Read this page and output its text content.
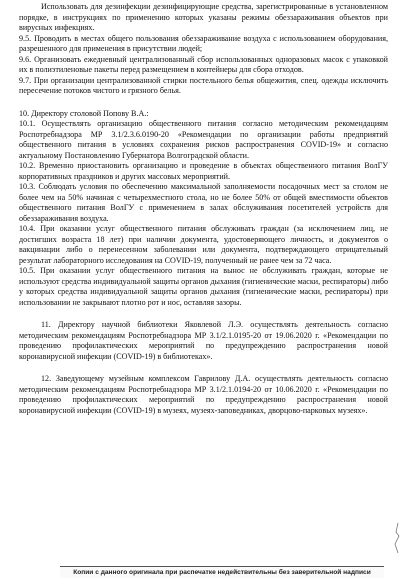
Использовать для дезинфекции дезинфицирующие средства, зарегистрированные в установленном порядке, в инструкциях по применению которых указаны режимы обеззараживания объектов при вирусных инфекциях.

9.5. Проводить в местах общего пользования обеззараживание воздуха с использованием оборудования, разрешенного для применения в присутствии людей;

9.6. Организовать ежедневный централизованный сбор использованных одноразовых масок с упаковкой их в полиэтиленовые пакеты перед размещением в контейнеры для сбора отходов.

9.7. При организации централизованной стирки постельного белья общежития, спец. одежды исключить пересечение потоков чистого и грязного белья.

10. Директору столовой Попову В.А.:

10.1. Осуществлять организацию общественного питания согласно методическим рекомендациям Роспотребнадзора МР 3.1/2.3.6.0190-20 «Рекомендации по организации работы предприятий общественного питания в условиях сохранения рисков распространения COVID-19» и согласно актуальному Постановлению Губернатора Волгоградской области.

10.2. Временно приостановить организацию и проведение в объектах общественного питания ВолГУ корпоративных праздников и других массовых мероприятий.

10.3. Соблюдать условия по обеспечению максимальной заполняемости посадочных мест за столом не более чем на 50% начиная с четырехместного стола, но не более 50% от общей вместимости объектов общественного питания ВолГУ с применением в залах обслуживания посетителей устройств для обеззараживания воздуха.

10.4. При оказании услуг общественного питания обслуживать граждан (за исключением лиц, не достигших возраста 18 лет) при наличии документа, удостоверяющего личность, и документов о вакцинации либо о перенесенном заболевании или документа, подтверждающего отрицательный результат лабораторного исследования на COVID-19, полученный не ранее чем за 72 часа.

10.5. При оказании услуг общественного питания на вынос не обслуживать граждан, которые не используют средства индивидуальной защиты органов дыхания (гигиенические маски, респираторы) либо у которых средства индивидуальной защиты органов дыхания (гигиенические маски, респираторы) при использовании не закрывают плотно рот и нос, оставляя зазоры.

11. Директору научной библиотеки Яковлевой Л.Э. осуществлять деятельность согласно методическим рекомендациям Роспотребнадзора МР 3.1/2.1.0195-20 от 19.06.2020 г. «Рекомендации по проведению профилактических мероприятий по предупреждению распространения новой коронавирусной инфекции (COVID-19) в библиотеках».

12. Заведующему музейным комплексом Гаврилову Д.А. осуществлять деятельность согласно методическим рекомендациям Роспотребнадзора МР 3.1/2.1.0194-20 от 10.06.2020 г. «Рекомендации по проведению профилактических мероприятий по предупреждению распространения новой коронавирусной инфекции (COVID-19) в музеях, музеях-заповедниках, дворцово-парковых музеях».

Копии с данного оригинала при распечатке недействительны без заверительной надписи
